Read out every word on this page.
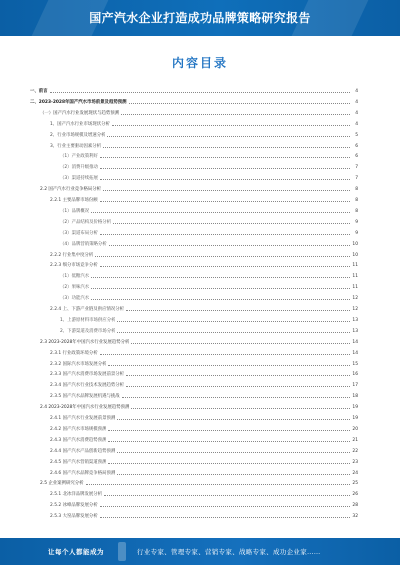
国产汽水企业打造成功品牌策略研究报告
内容目录
一、前言	4
二、2023-2028年国产汽水市场前景及趋势预测	4
（一）国产汽水行业发展现状与趋势预测	4
1、国产汽水行业市场现状分析	4
2、行业市场规模及增速分析	5
3、行业主要驱动因素分析	6
（1）产业政策利好	6
（2）消费升级推动	7
（3）渠道持续拓展	7
2.2 国产汽水行业竞争格局分析	8
2.2.1 主要品牌市场份额	8
（1）品牌概况	8
（2）产品结构及价格分析	9
（3）渠道布局分析	9
（4）品牌营销策略分析	10
2.2.2 行业集中度分析	10
2.2.3 细分市场竞争分析	11
（1）低糖汽水	11
（2）果味汽水	11
（3）功能汽水	12
2.2.4 上、下游产业链及供应情况分析	12
1、上游原材料市场供应分析	13
2、下游渠道及消费市场分析	13
2.3 2023-2028年中国汽水行业发展趋势分析	14
2.3.1 行业政策环境分析	14
2.3.2 国际汽水市场发展分析	15
2.3.3 国产汽水消费市场发展前景分析	16
2.3.4 国产汽水行业技术发展趋势分析	17
2.3.5 国产汽水品牌发展机遇与挑战	18
2.4 2023-2028年中国汽水行业发展趋势预测	19
2.4.1 国产汽水行业发展前景预测	19
2.4.2 国产汽水市场规模预测	20
2.4.3 国产汽水消费趋势预测	21
2.4.4 国产汽水产品创新趋势预测	22
2.4.5 国产汽水营销渠道预测	23
2.4.6 国产汽水品牌竞争格局预测	24
2.5 企业案例研究分析	25
2.5.1 北冰洋品牌发展分析	26
2.5.2 冰峰品牌发展分析	28
2.5.3 大窑品牌发展分析	32
让每个人都能成为	行业专家、管理专家、营销专家、战略专家、成功企业家……
